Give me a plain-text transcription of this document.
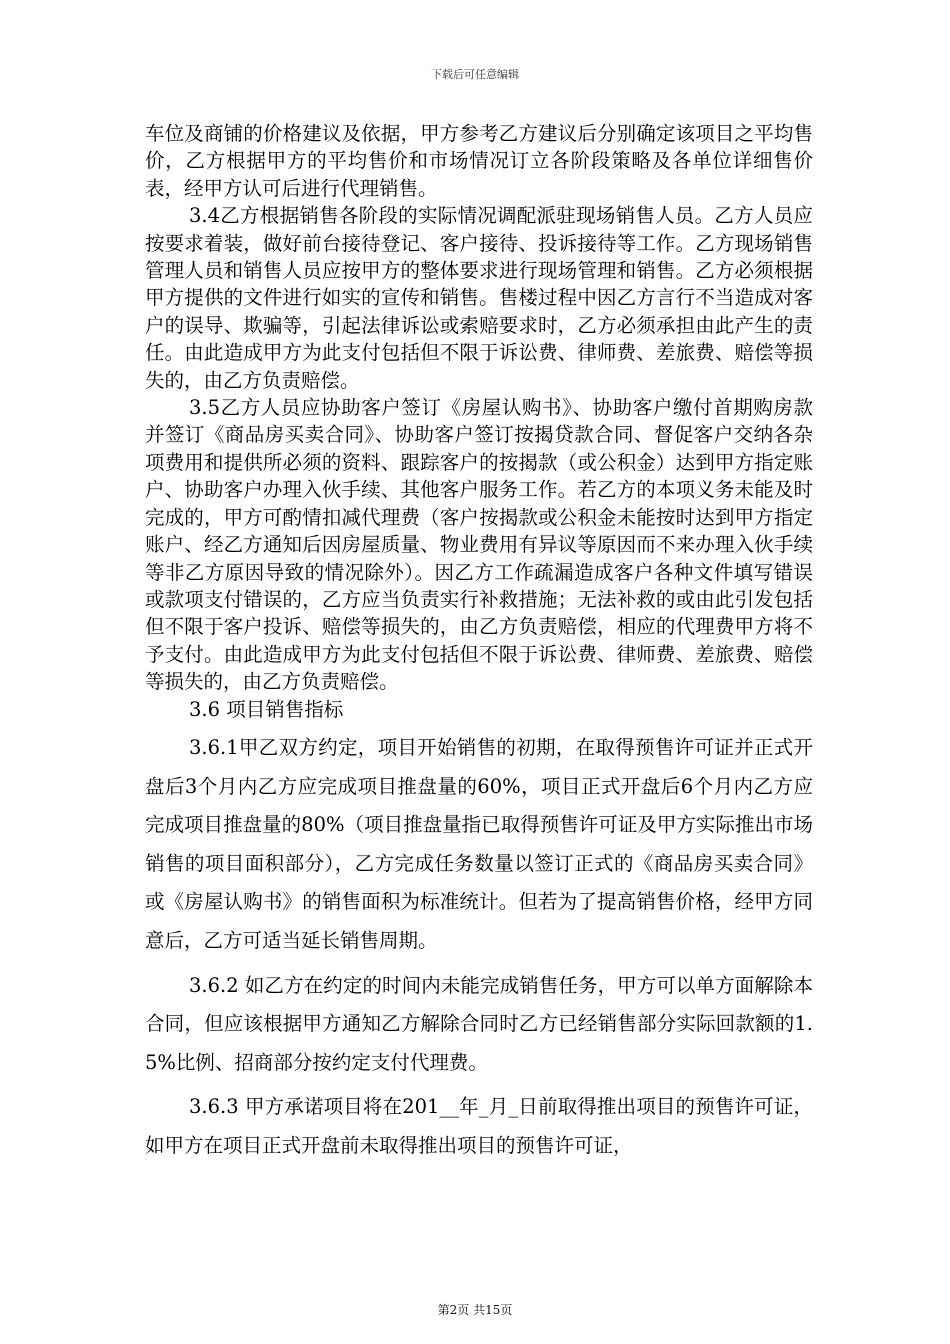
下载后可任意编辑

车位及商铺的价格建议及依据，甲方参考乙方建议后分别确定该项目之平均售价，乙方根据甲方的平均售价和市场情况订立各阶段策略及各单位详细售价表，经甲方认可后进行代理销售。

3.4乙方根据销售各阶段的实际情况调配派驻现场销售人员。乙方人员应按要求着装，做好前台接待登记、客户接待、投诉接待等工作。乙方现场销售管理人员和销售人员应按甲方的整体要求进行现场管理和销售。乙方必须根据甲方提供的文件进行如实的宣传和销售。售楼过程中因乙方言行不当造成对客户的误导、欺骗等，引起法律诉讼或索赔要求时，乙方必须承担由此产生的责任。由此造成甲方为此支付包括但不限于诉讼费、律师费、差旅费、赔偿等损失的，由乙方负责赔偿。

3.5乙方人员应协助客户签订《房屋认购书》、协助客户缴付首期购房款并签订《商品房买卖合同》、协助客户签订按揭贷款合同、督促客户交纳各杂项费用和提供所必须的资料、跟踪客户的按揭款（或公积金）达到甲方指定账户、协助客户办理入伙手续、其他客户服务工作。若乙方的本项义务未能及时完成的，甲方可酌情扣减代理费（客户按揭款或公积金未能按时达到甲方指定账户、经乙方通知后因房屋质量、物业费用有异议等原因而不来办理入伙手续等非乙方原因导致的情况除外）。因乙方工作疏漏造成客户各种文件填写错误或款项支付错误的，乙方应当负责实行补救措施；无法补救的或由此引发包括但不限于客户投诉、赔偿等损失的，由乙方负责赔偿，相应的代理费甲方将不予支付。由此造成甲方为此支付包括但不限于诉讼费、律师费、差旅费、赔偿等损失的，由乙方负责赔偿。

3.6 项目销售指标

3.6.1甲乙双方约定，项目开始销售的初期，在取得预售许可证并正式开盘后3个月内乙方应完成项目推盘量的60%，项目正式开盘后6个月内乙方应完成项目推盘量的80%（项目推盘量指已取得预售许可证及甲方实际推出市场销售的项目面积部分），乙方完成任务数量以签订正式的《商品房买卖合同》或《房屋认购书》的销售面积为标准统计。但若为了提高销售价格，经甲方同意后，乙方可适当延长销售周期。

3.6.2 如乙方在约定的时间内未能完成销售任务，甲方可以单方面解除本合同，但应该根据甲方通知乙方解除合同时乙方已经销售部分实际回款额的1.5%比例、招商部分按约定支付代理费。

3.6.3 甲方承诺项目将在201__年_月_日前取得推出项目的预售许可证，如甲方在项目正式开盘前未取得推出项目的预售许可证，

第2页 共15页
